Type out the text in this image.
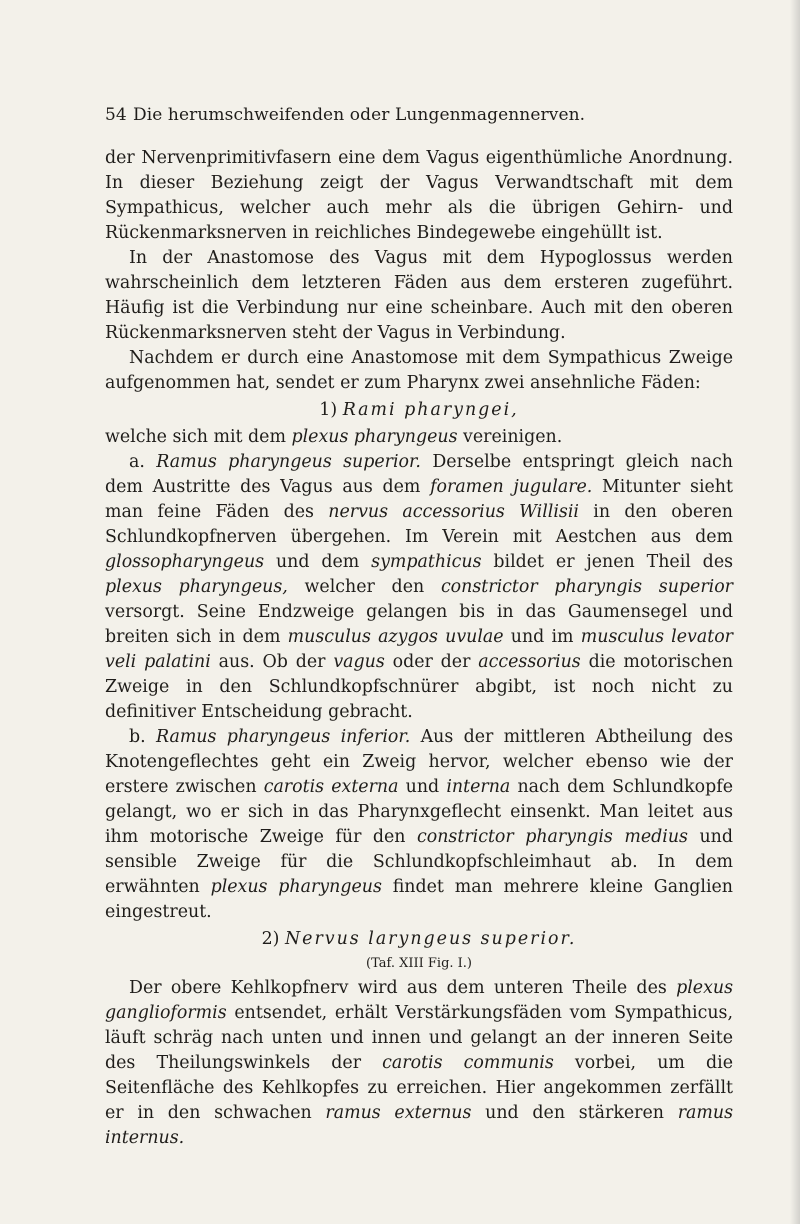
54 Die herumschweifenden oder Lungenmagennerven.

der Nervenprimitivfasern eine dem Vagus eigenthümliche Anordnung. In dieser Beziehung zeigt der Vagus Verwandtschaft mit dem Sympathicus, welcher auch mehr als die übrigen Gehirn- und Rückenmarksnerven in reichliches Bindegewebe eingehüllt ist.

In der Anastomose des Vagus mit dem Hypoglossus werden wahrscheinlich dem letzteren Fäden aus dem ersteren zugeführt. Häufig ist die Verbindung nur eine scheinbare. Auch mit den oberen Rückenmarksnerven steht der Vagus in Verbindung.

Nachdem er durch eine Anastomose mit dem Sympathicus Zweige aufgenommen hat, sendet er zum Pharynx zwei ansehnliche Fäden:

1) Rami pharyngei,

welche sich mit dem plexus pharyngeus vereinigen.

a. Ramus pharyngeus superior. Derselbe entspringt gleich nach dem Austritte des Vagus aus dem foramen jugulare. Mitunter sieht man feine Fäden des nervus accessorius Willisii in den oberen Schlundkopfnerven übergehen. Im Verein mit Aestchen aus dem glossopharyngeus und dem sympathicus bildet er jenen Theil des plexus pharyngeus, welcher den constrictor pharyngis superior versorgt. Seine Endzweige gelangen bis in das Gaumensegel und breiten sich in dem musculus azygos uvulae und im musculus levator veli palatini aus. Ob der vagus oder der accessorius die motorischen Zweige in den Schlundkopfschnürer abgibt, ist noch nicht zu definitiver Entscheidung gebracht.

b. Ramus pharyngeus inferior. Aus der mittleren Abtheilung des Knotengeflechtes geht ein Zweig hervor, welcher ebenso wie der erstere zwischen carotis externa und interna nach dem Schlundkopfe gelangt, wo er sich in das Pharynxgeflecht einsenkt. Man leitet aus ihm motorische Zweige für den constrictor pharyngis medius und sensible Zweige für die Schlundkopfschleimhaut ab. In dem erwähnten plexus pharyngeus findet man mehrere kleine Ganglien eingestreut.

2) Nervus laryngeus superior.
(Taf. XIII Fig. I.)

Der obere Kehlkopfnerv wird aus dem unteren Theile des plexus ganglioformis entsendet, erhält Verstärkungsfäden vom Sympathicus, läuft schräg nach unten und innen und gelangt an der inneren Seite des Theilungswinkels der carotis communis vorbei, um die Seitenfläche des Kehlkopfes zu erreichen. Hier angekommen zerfällt er in den schwachen ramus externus und den stärkeren ramus internus.
